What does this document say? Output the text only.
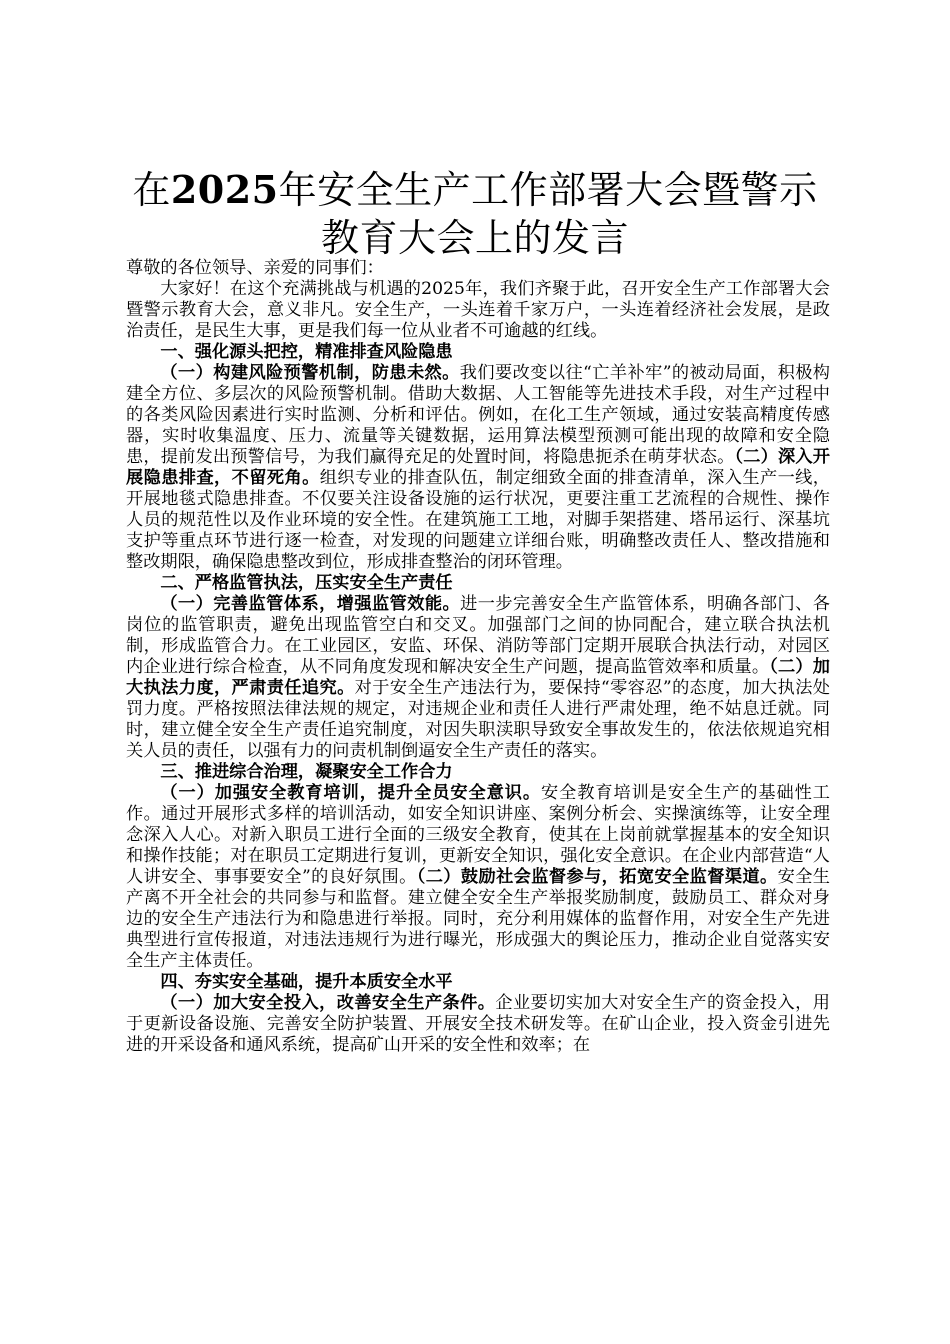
在2025年安全生产工作部署大会暨警示教育大会上的发言

尊敬的各位领导、亲爱的同事们：

大家好！在这个充满挑战与机遇的2025年，我们齐聚于此，召开安全生产工作部署大会暨警示教育大会，意义非凡。安全生产，一头连着千家万户，一头连着经济社会发展，是政治责任，是民生大事，更是我们每一位从业者不可逾越的红线。

一、强化源头把控，精准排查风险隐患

（一）构建风险预警机制，防患未然。我们要改变以往“亡羊补牢”的被动局面，积极构建全方位、多层次的风险预警机制。借助大数据、人工智能等先进技术手段，对生产过程中的各类风险因素进行实时监测、分析和评估。例如，在化工生产领域，通过安装高精度传感器，实时收集温度、压力、流量等关键数据，运用算法模型预测可能出现的故障和安全隐患，提前发出预警信号，为我们赢得充足的处置时间，将隐患扼杀在萌芽状态。（二）深入开展隐患排查，不留死角。组织专业的排查队伍，制定细致全面的排查清单，深入生产一线，开展地毯式隐患排查。不仅要关注设备设施的运行状况，更要注重工艺流程的合规性、操作人员的规范性以及作业环境的安全性。在建筑施工工地，对脚手架搭建、塔吊运行、深基坑支护等重点环节进行逐一检查，对发现的问题建立详细台账，明确整改责任人、整改措施和整改期限，确保隐患整改到位，形成排查整治的闭环管理。

二、严格监管执法，压实安全生产责任

（一）完善监管体系，增强监管效能。进一步完善安全生产监管体系，明确各部门、各岗位的监管职责，避免出现监管空白和交叉。加强部门之间的协同配合，建立联合执法机制，形成监管合力。在工业园区，安监、环保、消防等部门定期开展联合执法行动，对园区内企业进行综合检查，从不同角度发现和解决安全生产问题，提高监管效率和质量。（二）加大执法力度，严肃责任追究。对于安全生产违法行为，要保持“零容忍”的态度，加大执法处罚力度。严格按照法律法规的规定，对违规企业和责任人进行严肃处理，绝不姑息迁就。同时，建立健全安全生产责任追究制度，对因失职渎职导致安全事故发生的，依法依规追究相关人员的责任，以强有力的问责机制倒逼安全生产责任的落实。

三、推进综合治理，凝聚安全工作合力

（一）加强安全教育培训，提升全员安全意识。安全教育培训是安全生产的基础性工作。通过开展形式多样的培训活动，如安全知识讲座、案例分析会、实操演练等，让安全理念深入人心。对新入职员工进行全面的三级安全教育，使其在上岗前就掌握基本的安全知识和操作技能；对在职员工定期进行复训，更新安全知识，强化安全意识。在企业内部营造“人人讲安全、事事要安全”的良好氛围。（二）鼓励社会监督参与，拓宽安全监督渠道。安全生产离不开全社会的共同参与和监督。建立健全安全生产举报奖励制度，鼓励员工、群众对身边的安全生产违法行为和隐患进行举报。同时，充分利用媒体的监督作用，对安全生产先进典型进行宣传报道，对违法违规行为进行曝光，形成强大的舆论压力，推动企业自觉落实安全生产主体责任。

四、夯实安全基础，提升本质安全水平

（一）加大安全投入，改善安全生产条件。企业要切实加大对安全生产的资金投入，用于更新设备设施、完善安全防护装置、开展安全技术研发等。在矿山企业，投入资金引进先进的开采设备和通风系统，提高矿山开采的安全性和效率；在
